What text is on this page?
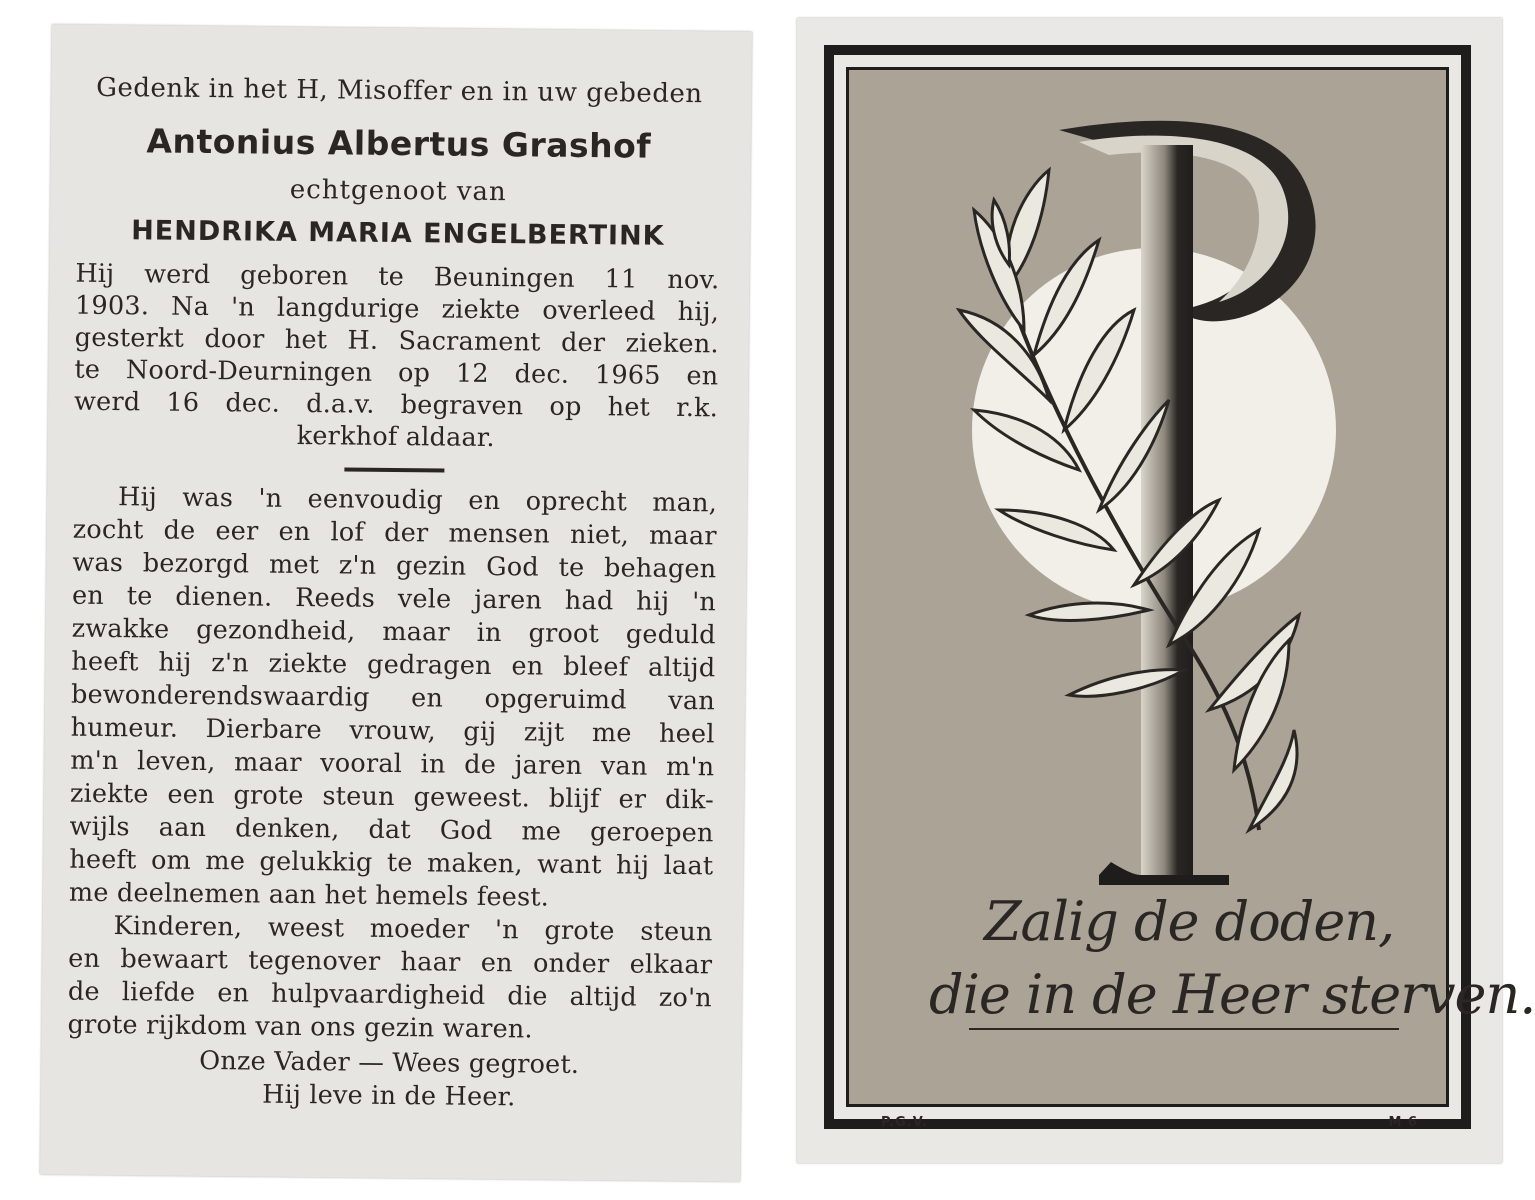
Gedenk in het H, Misoffer en in uw gebeden
Antonius Albertus Grashof
echtgenoot van
HENDRIKA MARIA ENGELBERTINK
Hij werd geboren te Beuningen 11 nov.
1903. Na 'n langdurige ziekte overleed hij,
gesterkt door het H. Sacrament der zieken.
te Noord-Deurningen op 12 dec. 1965 en
werd 16 dec. d.a.v. begraven op het r.k.
kerkhof aldaar.
Hij was 'n eenvoudig en oprecht man,
zocht de eer en lof der mensen niet, maar
was bezorgd met z'n gezin God te behagen
en te dienen. Reeds vele jaren had hij 'n
zwakke gezondheid, maar in groot geduld
heeft hij z'n ziekte gedragen en bleef altijd
bewonderendswaardig en opgeruimd van
humeur. Dierbare vrouw, gij zijt me heel
m'n leven, maar vooral in de jaren van m'n
ziekte een grote steun geweest. blijf er dik-
wijls aan denken, dat God me geroepen
heeft om me gelukkig te maken, want hij laat
me deelnemen aan het hemels feest.
Kinderen, weest moeder 'n grote steun
en bewaart tegenover haar en onder elkaar
de liefde en hulpvaardigheid die altijd zo'n
grote rijkdom van ons gezin waren.
Onze Vader — Wees gegroet.
Hij leve in de Heer.
Zalig de doden,
die in de Heer sterven.
P.G.V.	M 6
